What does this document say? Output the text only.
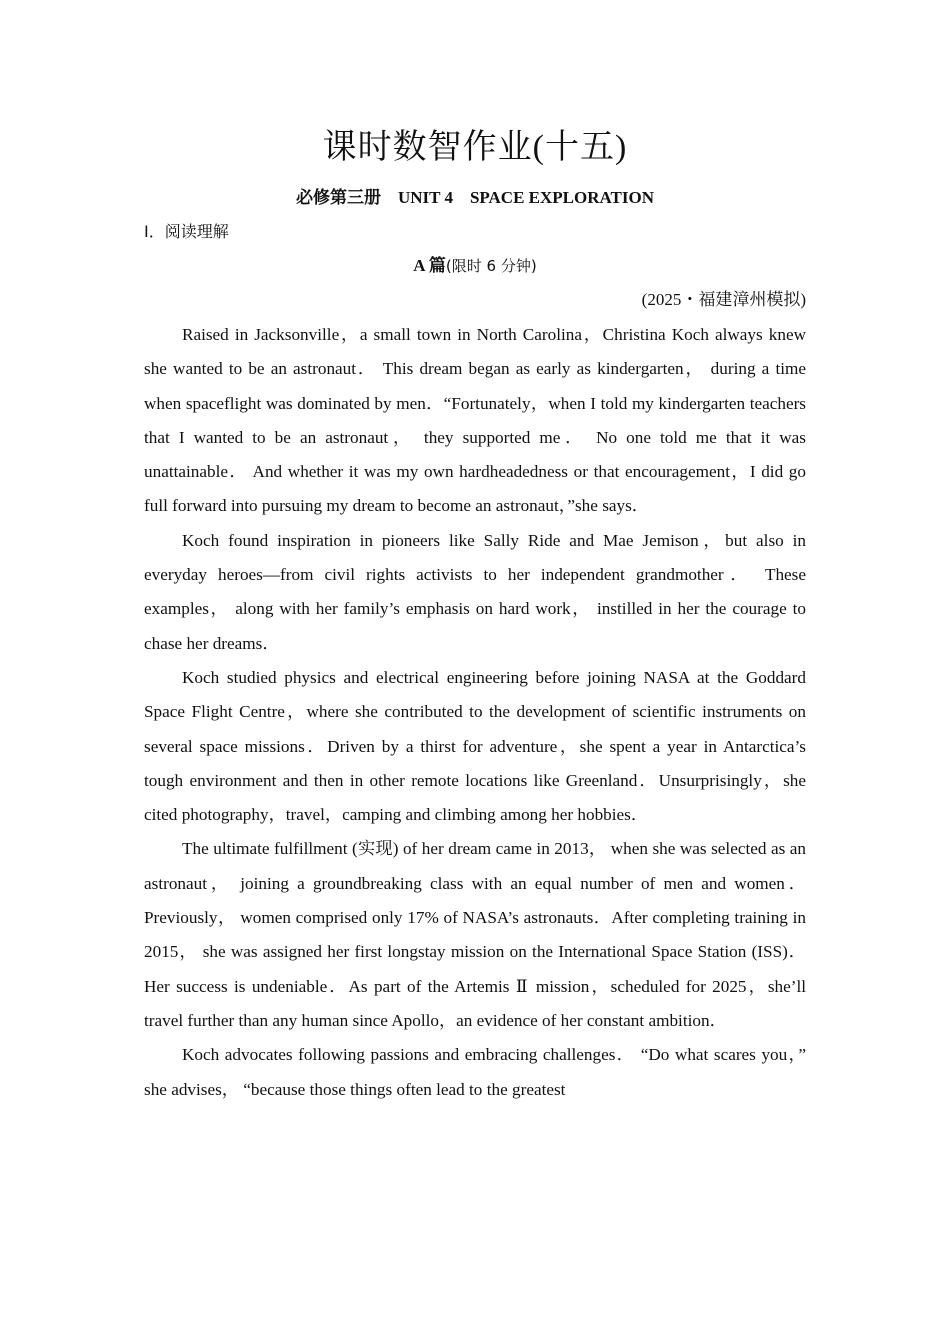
课时数智作业(十五)
必修第三册    UNIT 4    SPACE EXPLORATION
Ⅰ．阅读理解
A 篇(限时 6 分钟)
(2025・福建漳州模拟)

Raised in Jacksonville，a small town in North Carolina，Christina Koch always knew she wanted to be an astronaut． This dream began as early as kindergarten， during a time when spaceflight was dominated by men．“Fortunately，when I told my kindergarten teachers that I wanted to be an astronaut， they supported me． No one told me that it was unattainable． And whether it was my own hardheadedness or that encouragement，I did go full forward into pursuing my dream to become an astronaut，”she says．

Koch found inspiration in pioneers like Sally Ride and Mae Jemison，but also in everyday heroes—from civil rights activists to her independent grandmother． These examples， along with her family’s emphasis on hard work， instilled in her the courage to chase her dreams．

Koch studied physics and electrical engineering before joining NASA at the Goddard Space Flight Centre，where she contributed to the development of scientific instruments on several space missions．Driven by a thirst for adventure，she spent a year in Antarctica’s tough environment and then in other remote locations like Greenland．Unsurprisingly，she cited photography，travel，camping and climbing among her hobbies．

The ultimate fulfillment (实现) of her dream came in 2013， when she was selected as an astronaut， joining a groundbreaking class with an equal number of men and women． Previously， women comprised only 17% of NASA’s astronauts．After completing training in 2015， she was assigned her first longstay mission on the International Space Station (ISS)．Her success is undeniable．As part of the Artemis Ⅱ mission，scheduled for 2025，she’ll travel further than any human since Apollo，an evidence of her constant ambition．

Koch advocates following passions and embracing challenges． “Do what scares you，” she advises， “because those things often lead to the greatest
